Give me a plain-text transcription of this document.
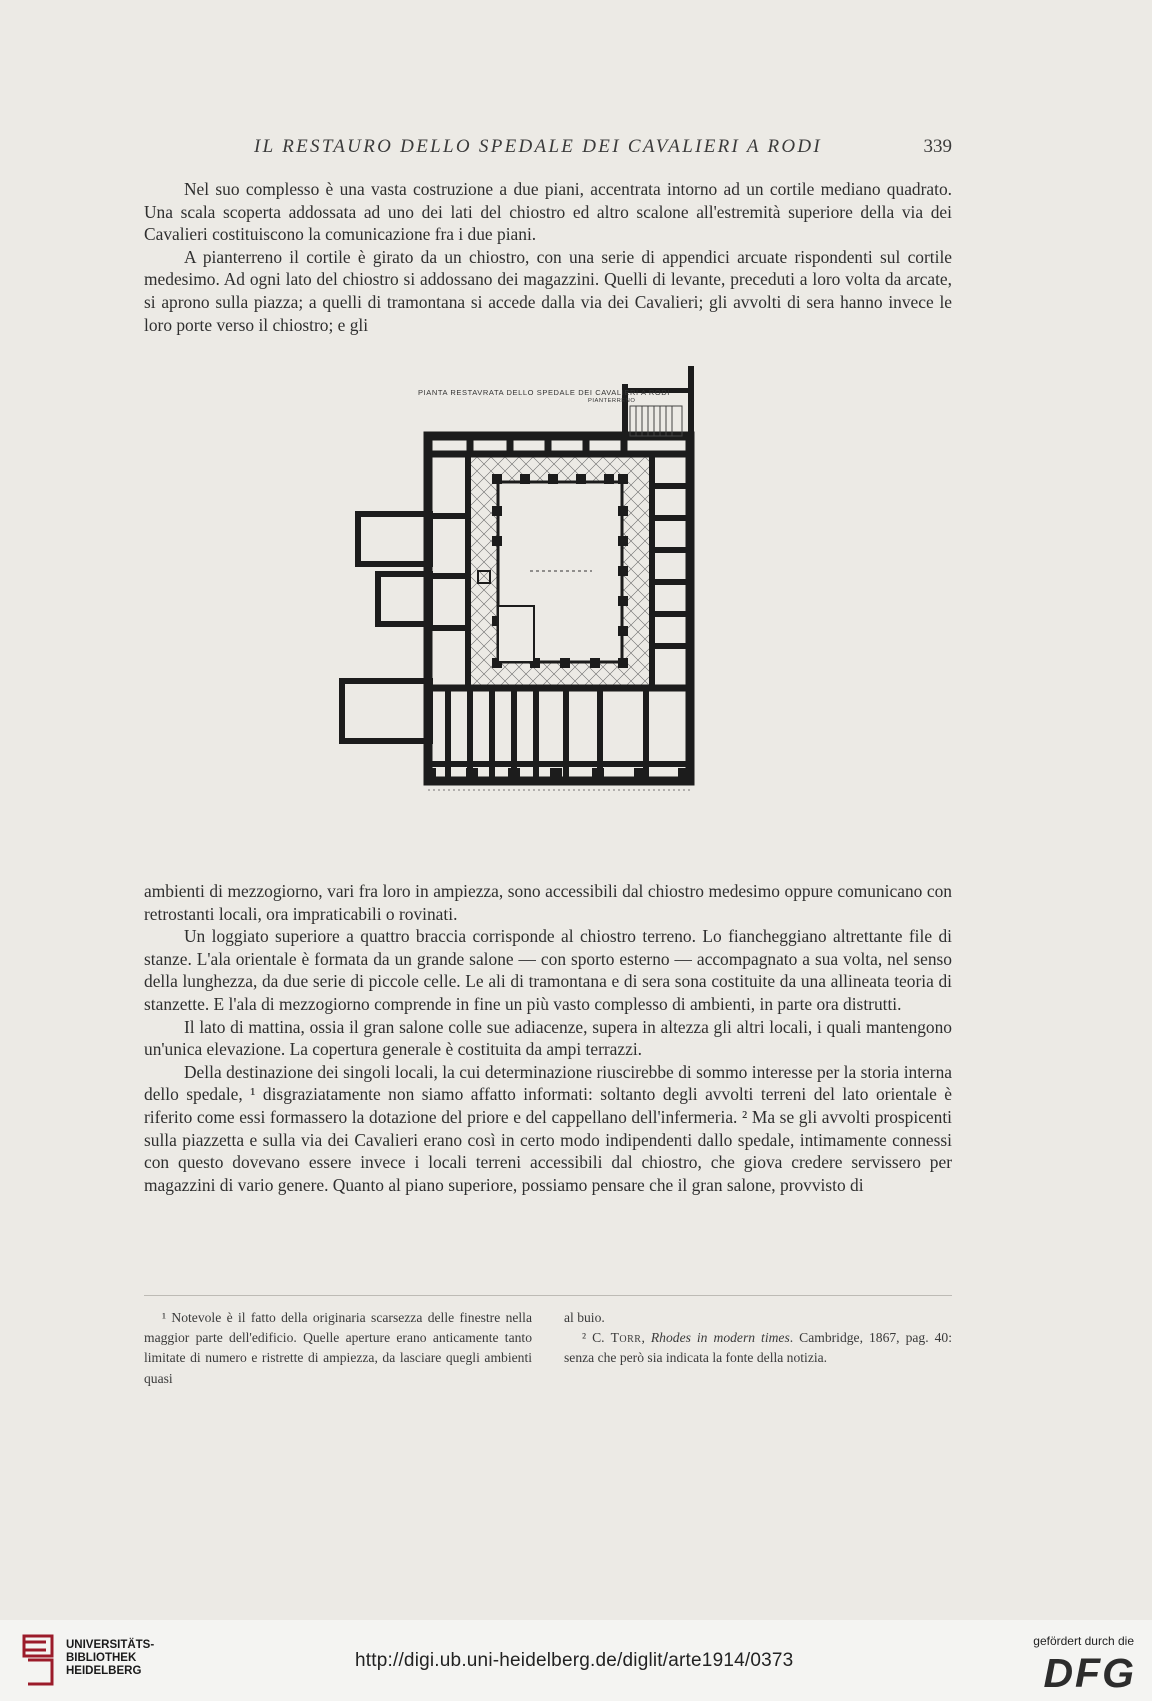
IL RESTAURO DELLO SPEDALE DEI CAVALIERI A RODI	339

Nel suo complesso è una vasta costruzione a due piani, accentrata intorno ad un cortile mediano quadrato. Una scala scoperta addossata ad uno dei lati del chiostro ed altro scalone all'estremità superiore della via dei Cavalieri costituiscono la comunicazione fra i due piani.

A pianterreno il cortile è girato da un chiostro, con una serie di appendici arcuate rispondenti sul cortile medesimo. Ad ogni lato del chiostro si addossano dei magazzini. Quelli di levante, preceduti a loro volta da arcate, si aprono sulla piazza; a quelli di tramontana si accede dalla via dei Cavalieri; gli avvolti di sera hanno invece le loro porte verso il chiostro; e gli

PIANTA RESTAVRATA DELLO SPEDALE DEI CAVALIERI A RODI
PIANTERRENO

ambienti di mezzogiorno, vari fra loro in ampiezza, sono accessibili dal chiostro medesimo oppure comunicano con retrostanti locali, ora impraticabili o rovinati.

Un loggiato superiore a quattro braccia corrisponde al chiostro terreno. Lo fiancheggiano altrettante file di stanze. L'ala orientale è formata da un grande salone — con sporto esterno — accompagnato a sua volta, nel senso della lunghezza, da due serie di piccole celle. Le ali di tramontana e di sera sona costituite da una allineata teoria di stanzette. E l'ala di mezzogiorno comprende in fine un più vasto complesso di ambienti, in parte ora distrutti.

Il lato di mattina, ossia il gran salone colle sue adiacenze, supera in altezza gli altri locali, i quali mantengono un'unica elevazione. La copertura generale è costituita da ampi terrazzi.

Della destinazione dei singoli locali, la cui determinazione riuscirebbe di sommo interesse per la storia interna dello spedale, ¹ disgraziatamente non siamo affatto informati: soltanto degli avvolti terreni del lato orientale è riferito come essi formassero la dotazione del priore e del cappellano dell'infermeria. ² Ma se gli avvolti prospicenti sulla piazzetta e sulla via dei Cavalieri erano così in certo modo indipendenti dallo spedale, intimamente connessi con questo dovevano essere invece i locali terreni accessibili dal chiostro, che giova credere servissero per magazzini di vario genere. Quanto al piano superiore, possiamo pensare che il gran salone, provvisto di

¹ Notevole è il fatto della originaria scarsezza delle finestre nella maggior parte dell'edificio. Quelle aperture erano anticamente tanto limitate di numero e ristrette di ampiezza, da lasciare quegli ambienti quasi

al buio.

² C. Torr, Rhodes in modern times. Cambridge, 1867, pag. 40: senza che però sia indicata la fonte della notizia.

UNIVERSITÄTS-
BIBLIOTHEK
HEIDELBERG	http://digi.ub.uni-heidelberg.de/diglit/arte1914/0373
gefördert durch die
DFG
